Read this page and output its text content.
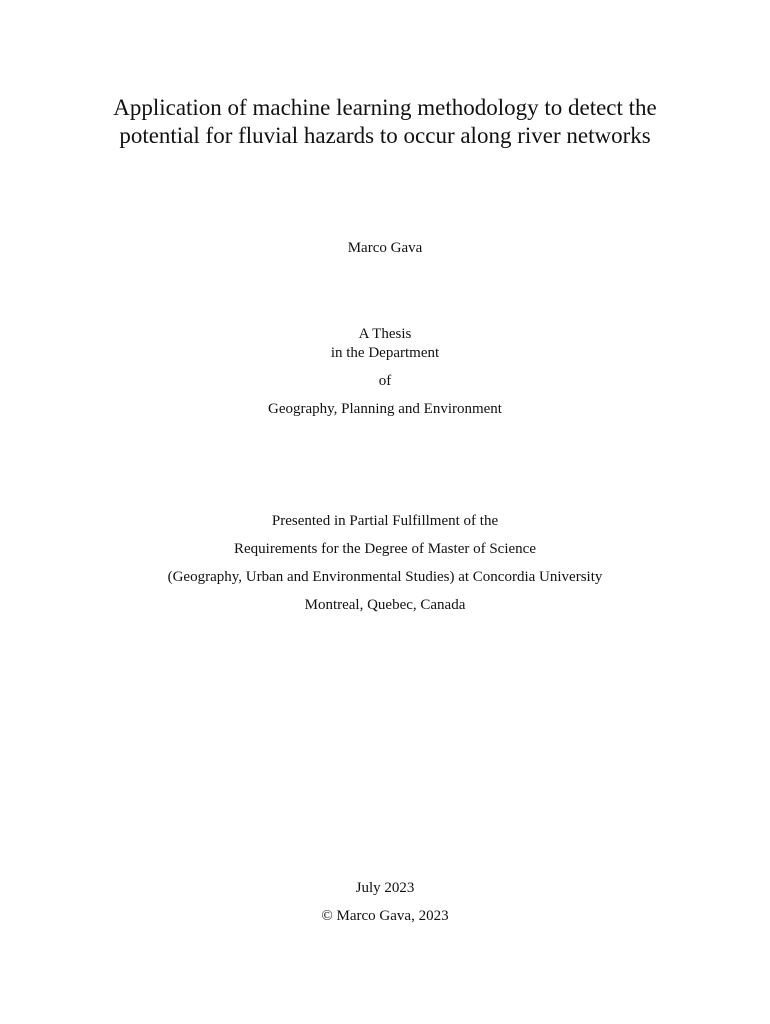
Application of machine learning methodology to detect the
potential for fluvial hazards to occur along river networks
Marco Gava
A Thesis
in the Department
of
Geography, Planning and Environment
Presented in Partial Fulfillment of the
Requirements for the Degree of Master of Science
(Geography, Urban and Environmental Studies) at Concordia University
Montreal, Quebec, Canada
July 2023
© Marco Gava, 2023
